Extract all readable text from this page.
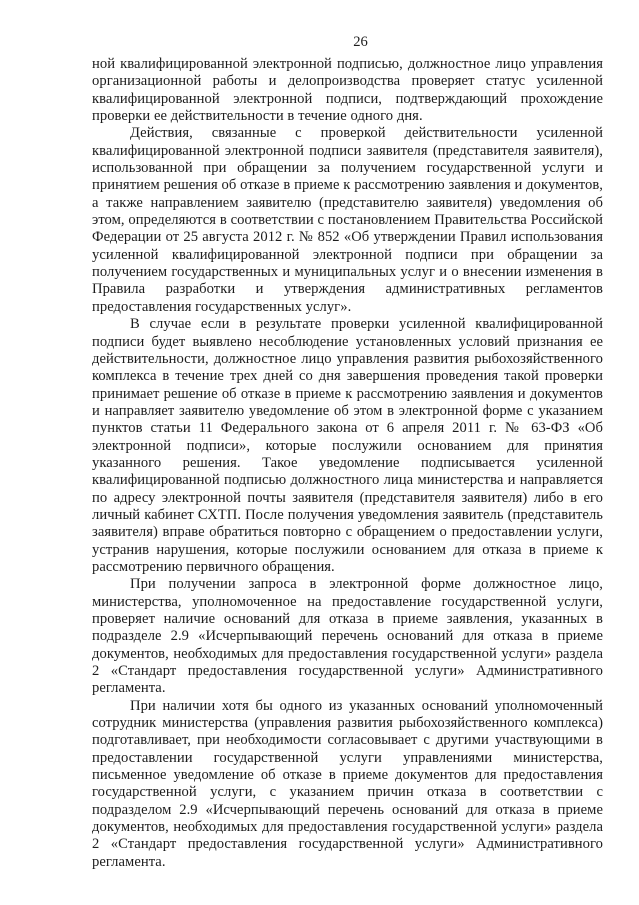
26

ной квалифицированной электронной подписью, должностное лицо управления организационной работы и делопроизводства проверяет статус усиленной квалифицированной электронной подписи, подтверждающий прохождение проверки ее действительности в течение одного дня.

Действия, связанные с проверкой действительности усиленной квалифицированной электронной подписи заявителя (представителя заявителя), использованной при обращении за получением государственной услуги и принятием решения об отказе в приеме к рассмотрению заявления и документов, а также направлением заявителю (представителю заявителя) уведомления об этом, определяются в соответствии с постановлением Правительства Российской Федерации от 25 августа 2012 г. № 852 «Об утверждении Правил использования усиленной квалифицированной электронной подписи при обращении за получением государственных и муниципальных услуг и о внесении изменения в Правила разработки и утверждения административных регламентов предоставления государственных услуг».

В случае если в результате проверки усиленной квалифицированной подписи будет выявлено несоблюдение установленных условий признания ее действительности, должностное лицо управления развития рыбохозяйственного комплекса в течение трех дней со дня завершения проведения такой проверки принимает решение об отказе в приеме к рассмотрению заявления и документов и направляет заявителю уведомление об этом в электронной форме с указанием пунктов статьи 11 Федерального закона от 6 апреля 2011 г. № 63-ФЗ «Об электронной подписи», которые послужили основанием для принятия указанного решения. Такое уведомление подписывается усиленной квалифицированной подписью должностного лица министерства и направляется по адресу электронной почты заявителя (представителя заявителя) либо в его личный кабинет СХТП. После получения уведомления заявитель (представитель заявителя) вправе обратиться повторно с обращением о предоставлении услуги, устранив нарушения, которые послужили основанием для отказа в приеме к рассмотрению первичного обращения.

При получении запроса в электронной форме должностное лицо, министерства, уполномоченное на предоставление государственной услуги, проверяет наличие оснований для отказа в приеме заявления, указанных в подразделе 2.9 «Исчерпывающий перечень оснований для отказа в приеме документов, необходимых для предоставления государственной услуги» раздела 2 «Стандарт предоставления государственной услуги» Административного регламента.

При наличии хотя бы одного из указанных оснований уполномоченный сотрудник министерства (управления развития рыбохозяйственного комплекса) подготавливает, при необходимости согласовывает с другими участвующими в предоставлении государственной услуги управлениями министерства, письменное уведомление об отказе в приеме документов для предоставления государственной услуги, с указанием причин отказа в соответствии с подразделом 2.9 «Исчерпывающий перечень оснований для отказа в приеме документов, необходимых для предоставления государственной услуги» раздела 2 «Стандарт предоставления государственной услуги» Административного регламента.
